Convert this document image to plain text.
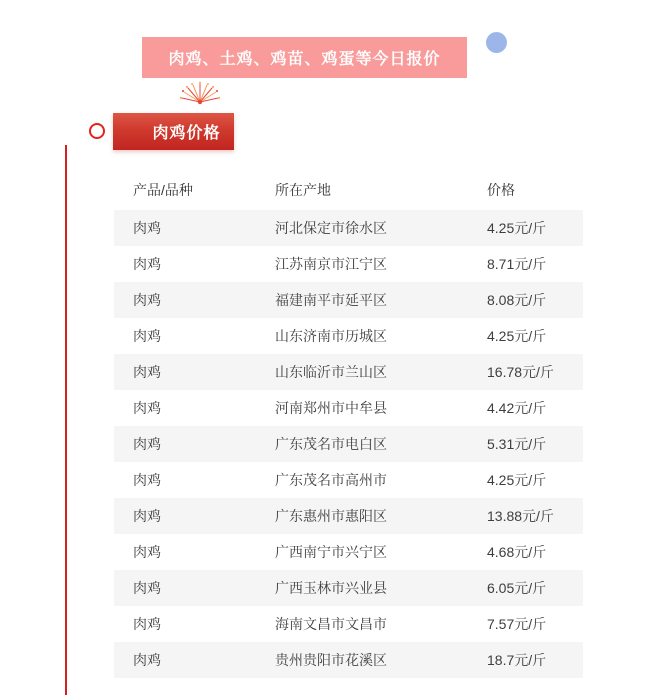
肉鸡、土鸡、鸡苗、鸡蛋等今日报价
肉鸡价格
产品/品种	所在产地	价格
肉鸡	河北保定市徐水区	4.25元/斤
肉鸡	江苏南京市江宁区	8.71元/斤
肉鸡	福建南平市延平区	8.08元/斤
肉鸡	山东济南市历城区	4.25元/斤
肉鸡	山东临沂市兰山区	16.78元/斤
肉鸡	河南郑州市中牟县	4.42元/斤
肉鸡	广东茂名市电白区	5.31元/斤
肉鸡	广东茂名市高州市	4.25元/斤
肉鸡	广东惠州市惠阳区	13.88元/斤
肉鸡	广西南宁市兴宁区	4.68元/斤
肉鸡	广西玉林市兴业县	6.05元/斤
肉鸡	海南文昌市文昌市	7.57元/斤
肉鸡	贵州贵阳市花溪区	18.7元/斤
